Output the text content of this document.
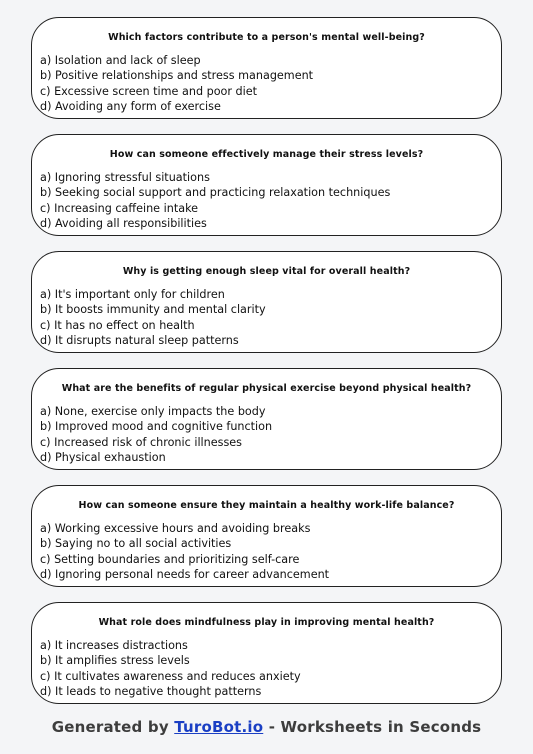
Which factors contribute to a person's mental well-being?
a) Isolation and lack of sleep
b) Positive relationships and stress management
c) Excessive screen time and poor diet
d) Avoiding any form of exercise
How can someone effectively manage their stress levels?
a) Ignoring stressful situations
b) Seeking social support and practicing relaxation techniques
c) Increasing caffeine intake
d) Avoiding all responsibilities
Why is getting enough sleep vital for overall health?
a) It's important only for children
b) It boosts immunity and mental clarity
c) It has no effect on health
d) It disrupts natural sleep patterns
What are the benefits of regular physical exercise beyond physical health?
a) None, exercise only impacts the body
b) Improved mood and cognitive function
c) Increased risk of chronic illnesses
d) Physical exhaustion
How can someone ensure they maintain a healthy work-life balance?
a) Working excessive hours and avoiding breaks
b) Saying no to all social activities
c) Setting boundaries and prioritizing self-care
d) Ignoring personal needs for career advancement
What role does mindfulness play in improving mental health?
a) It increases distractions
b) It amplifies stress levels
c) It cultivates awareness and reduces anxiety
d) It leads to negative thought patterns
Generated by TuroBot.io - Worksheets in Seconds
